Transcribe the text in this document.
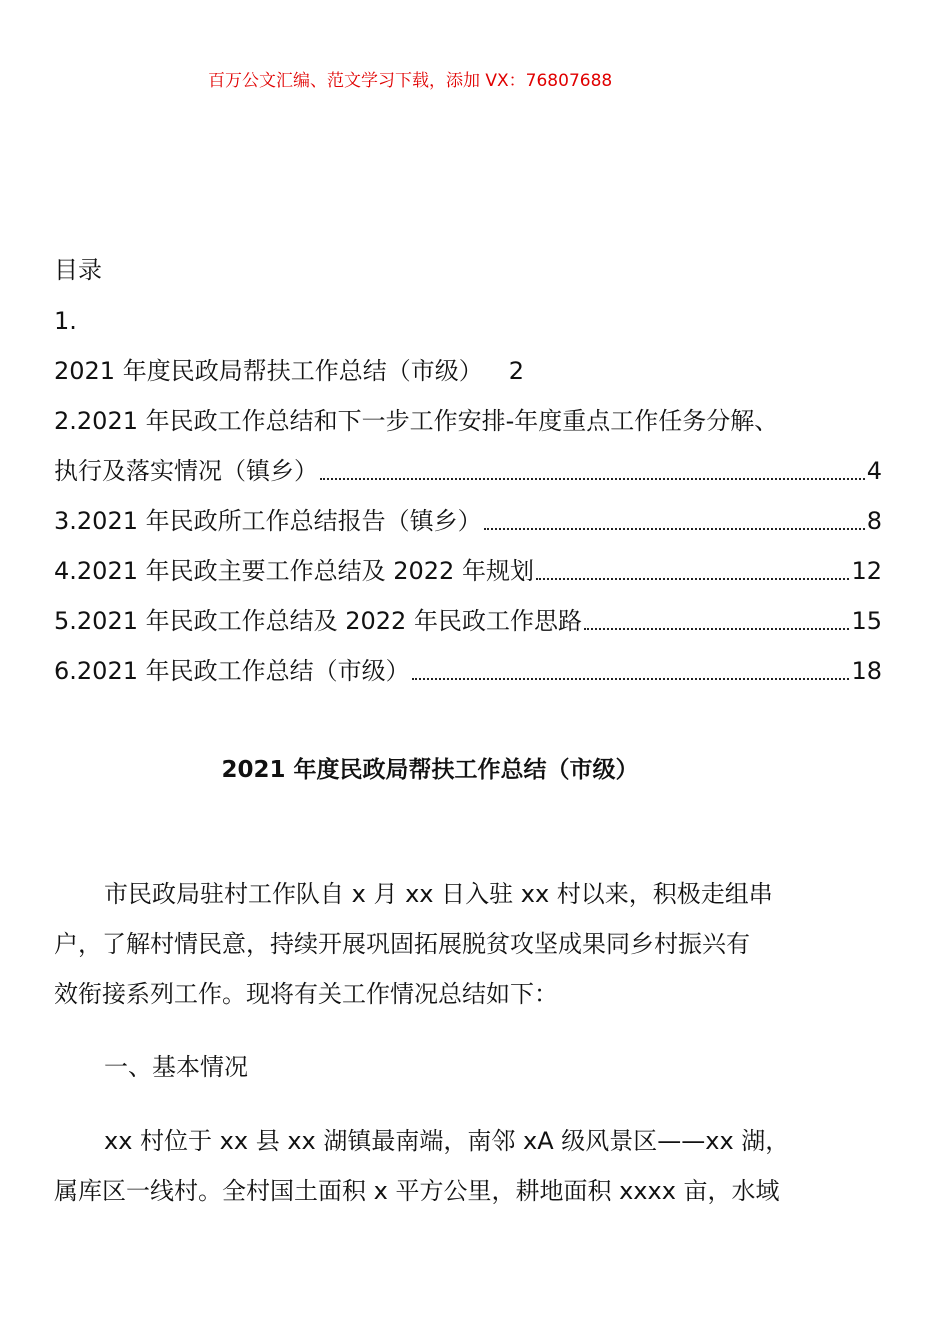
百万公文汇编、范文学习下载，添加 VX：76807688
目录
1.
2021 年度民政局帮扶工作总结（市级） 2
2.2021 年民政工作总结和下一步工作安排-年度重点工作任务分解、
执行及落实情况（镇乡）	4
3.2021 年民政所工作总结报告（镇乡）	8
4.2021 年民政主要工作总结及 2022 年规划	12
5.2021 年民政工作总结及 2022 年民政工作思路	15
6.2021 年民政工作总结（市级）	18
2021 年度民政局帮扶工作总结（市级）
市民政局驻村工作队自 x 月 xx 日入驻 xx 村以来，积极走组串
户，了解村情民意，持续开展巩固拓展脱贫攻坚成果同乡村振兴有
效衔接系列工作。现将有关工作情况总结如下：
一、基本情况
xx 村位于 xx 县 xx 湖镇最南端，南邻 xA 级风景区——xx 湖，
属库区一线村。全村国土面积 x 平方公里，耕地面积 xxxx 亩，水域
